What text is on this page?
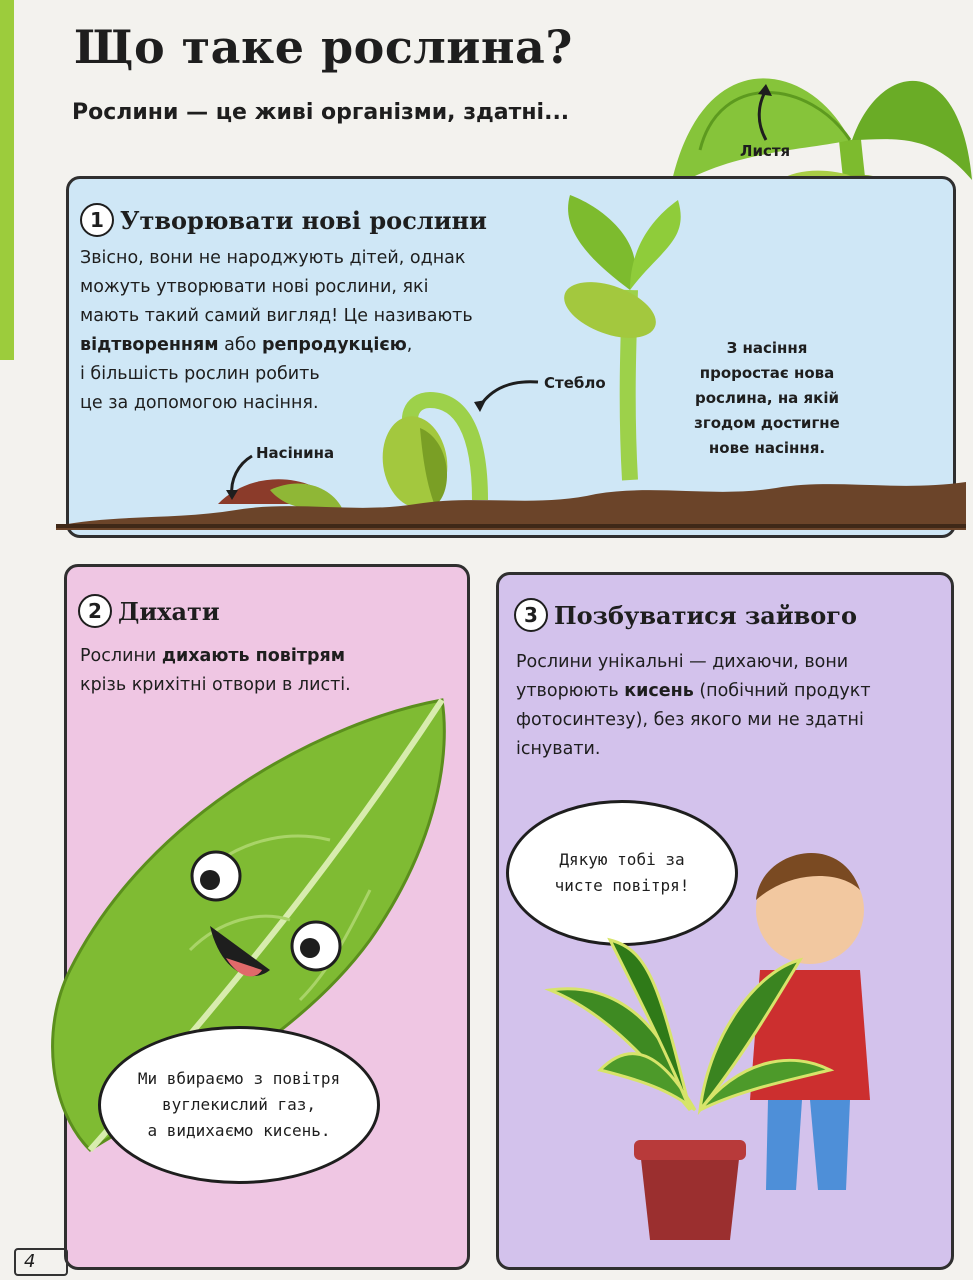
Що таке рослина?
Рослини — це живі організми, здатні...
Листя
1 Утворювати нові рослини
Звісно, вони не народжують дітей, однак
можуть утворювати нові рослини, які
мають такий самий вигляд! Це називають
відтворенням або репродукцією,
і більшість рослин робить
це за допомогою насіння.
Стебло
Насінина
З насіння
проростає нова
рослина, на якій
згодом достигне
нове насіння.
2 Дихати
Рослини дихають повітрям
крізь крихітні отвори в листі.
Ми вбираємо з повітря
вуглекислий газ,
а видихаємо кисень.
3 Позбуватися зайвого
Рослини унікальні — дихаючи, вони
утворюють кисень (побічний продукт
фотосинтезу), без якого ми не здатні
існувати.
Дякую тобі за
чисте повітря!
4
